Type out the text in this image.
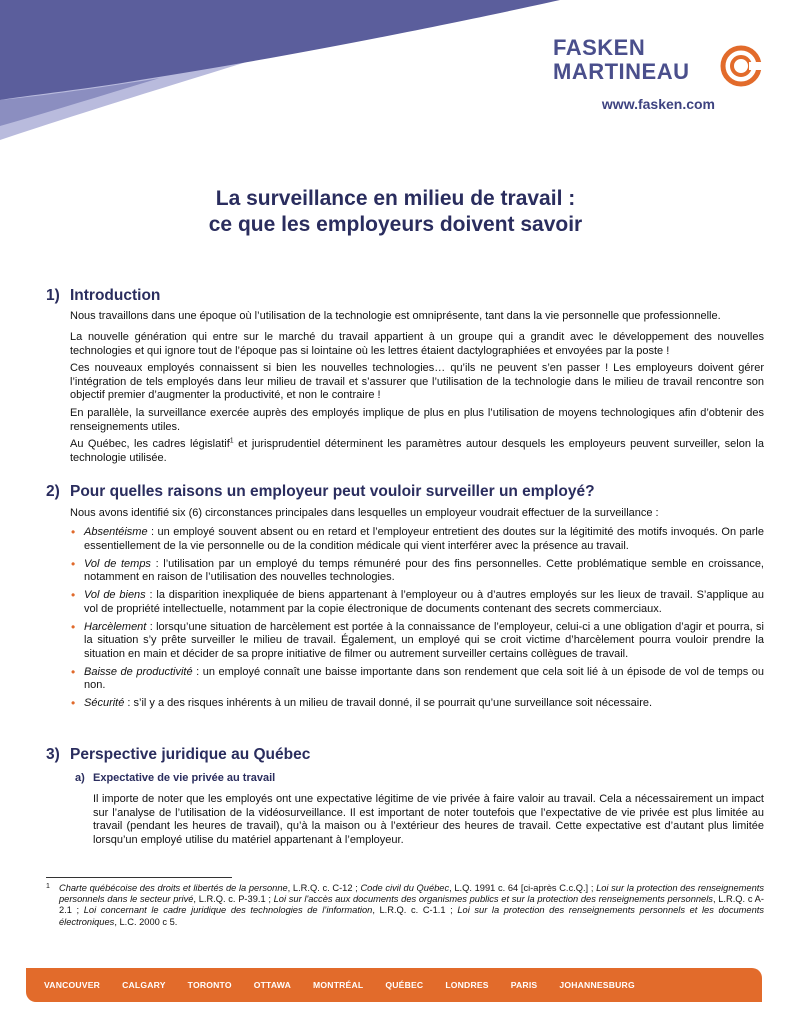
FASKEN
MARTINEAU
www.fasken.com
La surveillance en milieu de travail :
ce que les employeurs doivent savoir
1) Introduction
Nous travaillons dans une époque où l’utilisation de la technologie est omniprésente, tant dans la vie personnelle que professionnelle.
La nouvelle génération qui entre sur le marché du travail appartient à un groupe qui a grandit avec le développement des nouvelles technologies et qui ignore tout de l’époque pas si lointaine où les lettres étaient dactylographiées et envoyées par la poste !
Ces nouveaux employés connaissent si bien les nouvelles technologies… qu’ils ne peuvent s’en passer ! Les employeurs doivent gérer l’intégration de tels employés dans leur milieu de travail et s’assurer que l’utilisation de la technologie dans le milieu de travail rencontre son objectif premier d’augmenter la productivité, et non le contraire !
En parallèle, la surveillance exercée auprès des employés implique de plus en plus l’utilisation de moyens technologiques afin d’obtenir des renseignements utiles.
Au Québec, les cadres législatif$^1$ et jurisprudentiel déterminent les paramètres autour desquels les employeurs peuvent surveiller, selon la technologie utilisée.
2) Pour quelles raisons un employeur peut vouloir surveiller un employé?
Nous avons identifié six (6) circonstances principales dans lesquelles un employeur voudrait effectuer de la surveillance :
• Absentéisme : un employé souvent absent ou en retard et l’employeur entretient des doutes sur la légitimité des motifs invoqués. On parle essentiellement de la vie personnelle ou de la condition médicale qui vient interférer avec la présence au travail.
• Vol de temps : l’utilisation par un employé du temps rémunéré pour des fins personnelles. Cette problématique semble en croissance, notamment en raison de l’utilisation des nouvelles technologies.
• Vol de biens : la disparition inexpliquée de biens appartenant à l’employeur ou à d’autres employés sur les lieux de travail. S’applique au vol de propriété intellectuelle, notamment par la copie électronique de documents contenant des secrets commerciaux.
• Harcèlement : lorsqu’une situation de harcèlement est portée à la connaissance de l’employeur, celui-ci a une obligation d’agir et pourra, si la situation s’y prête surveiller le milieu de travail. Également, un employé qui se croit victime d’harcèlement pourra vouloir prendre la situation en main et décider de sa propre initiative de filmer ou autrement surveiller certains collègues de travail.
• Baisse de productivité : un employé connaît une baisse importante dans son rendement que cela soit lié à un épisode de vol de temps ou non.
• Sécurité : s’il y a des risques inhérents à un milieu de travail donné, il se pourrait qu’une surveillance soit nécessaire.
3) Perspective juridique au Québec
a) Expectative de vie privée au travail
Il importe de noter que les employés ont une expectative légitime de vie privée à faire valoir au travail. Cela a nécessairement un impact sur l’analyse de l’utilisation de la vidéosurveillance. Il est important de noter toutefois que l’expectative de vie privée est plus limitée au travail (pendant les heures de travail), qu’à la maison ou à l’extérieur des heures de travail. Cette expectative est d’autant plus limitée lorsqu’un employé utilise du matériel appartenant à l’employeur.
1 Charte québécoise des droits et libertés de la personne, L.R.Q. c. C-12 ; Code civil du Québec, L.Q. 1991 c. 64 [ci-après C.c.Q.] ; Loi sur la protection des renseignements personnels dans le secteur privé, L.R.Q. c. P-39.1 ; Loi sur l'accès aux documents des organismes publics et sur la protection des renseignements personnels, L.R.Q. c A-2.1 ; Loi concernant le cadre juridique des technologies de l’information, L.R.Q. c. C-1.1 ; Loi sur la protection des renseignements personnels et les documents électroniques, L.C. 2000 c 5.
VANCOUVER	CALGARY	TORONTO	OTTAWA	MONTRÉAL	QUÉBEC	LONDRES	PARIS	JOHANNESBURG
